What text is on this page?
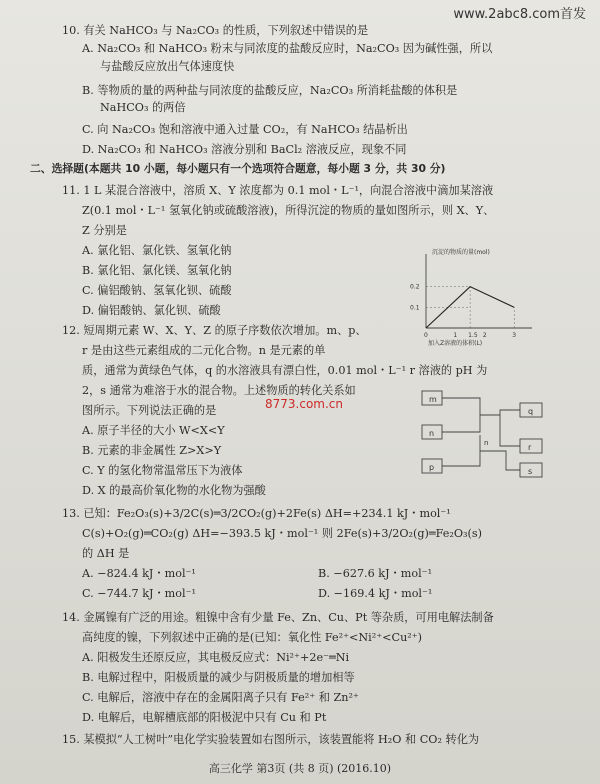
www.2abc8.com首发
10. 有关 NaHCO₃ 与 Na₂CO₃ 的性质，下列叙述中错误的是
A. Na₂CO₃ 和 NaHCO₃ 粉末与同浓度的盐酸反应时，Na₂CO₃ 因为碱性强，所以
与盐酸反应放出气体速度快
B. 等物质的量的两种盐与同浓度的盐酸反应，Na₂CO₃ 所消耗盐酸的体积是
NaHCO₃ 的两倍
C. 向 Na₂CO₃ 饱和溶液中通入过量 CO₂，有 NaHCO₃ 结晶析出
D. Na₂CO₃ 和 NaHCO₃ 溶液分别和 BaCl₂ 溶液反应，现象不同
二、选择题(本题共 10 小题，每小题只有一个选项符合题意，每小题 3 分，共 30 分)
11. 1 L 某混合溶液中，溶质 X、Y 浓度都为 0.1 mol・L⁻¹，向混合溶液中滴加某溶液
Z(0.1 mol・L⁻¹ 氢氧化钠或硫酸溶液)，所得沉淀的物质的量如图所示，则 X、Y、
Z 分别是
A. 氯化铝、氯化铁、氢氧化钠
B. 氯化铝、氯化镁、氢氧化钠
C. 偏铝酸钠、氢氧化钡、硫酸
D. 偏铝酸钠、氯化钡、硫酸
沉淀的物质的量(mol)
加入Z溶液的体积(L)
0.2
0.1
0	1 1.5 2	3
12. 短周期元素 W、X、Y、Z 的原子序数依次增加。m、p、
r 是由这些元素组成的二元化合物。n 是元素的单
质，通常为黄绿色气体，q 的水溶液具有漂白性，0.01 mol・L⁻¹ r 溶液的 pH 为
2，s 通常为难溶于水的混合物。上述物质的转化关系如
图所示。下列说法正确的是
A. 原子半径的大小 W<X<Y
B. 元素的非金属性 Z>X>Y
C. Y 的氢化物常温常压下为液体
D. X 的最高价氧化物的水化物为强酸
8773.com.cn	m
n
p
q
r
s
n
13. 已知：Fe₂O₃(s)+3/2C(s)═3/2CO₂(g)+2Fe(s) ΔH=+234.1 kJ・mol⁻¹
C(s)+O₂(g)═CO₂(g) ΔH=−393.5 kJ・mol⁻¹ 则 2Fe(s)+3/2O₂(g)═Fe₂O₃(s)
的 ΔH 是
A. −824.4 kJ・mol⁻¹	B. −627.6 kJ・mol⁻¹
C. −744.7 kJ・mol⁻¹	D. −169.4 kJ・mol⁻¹
14. 金属镍有广泛的用途。粗镍中含有少量 Fe、Zn、Cu、Pt 等杂质，可用电解法制备
高纯度的镍，下列叙述中正确的是(已知：氧化性 Fe²⁺<Ni²⁺<Cu²⁺)
A. 阳极发生还原反应，其电极反应式：Ni²⁺+2e⁻═Ni
B. 电解过程中，阳极质量的减少与阴极质量的增加相等
C. 电解后，溶液中存在的金属阳离子只有 Fe²⁺ 和 Zn²⁺
D. 电解后，电解槽底部的阳极泥中只有 Cu 和 Pt
15. 某模拟“人工树叶”电化学实验装置如右图所示，该装置能将 H₂O 和 CO₂ 转化为
高三化学 第3页 (共 8 页) (2016.10)
